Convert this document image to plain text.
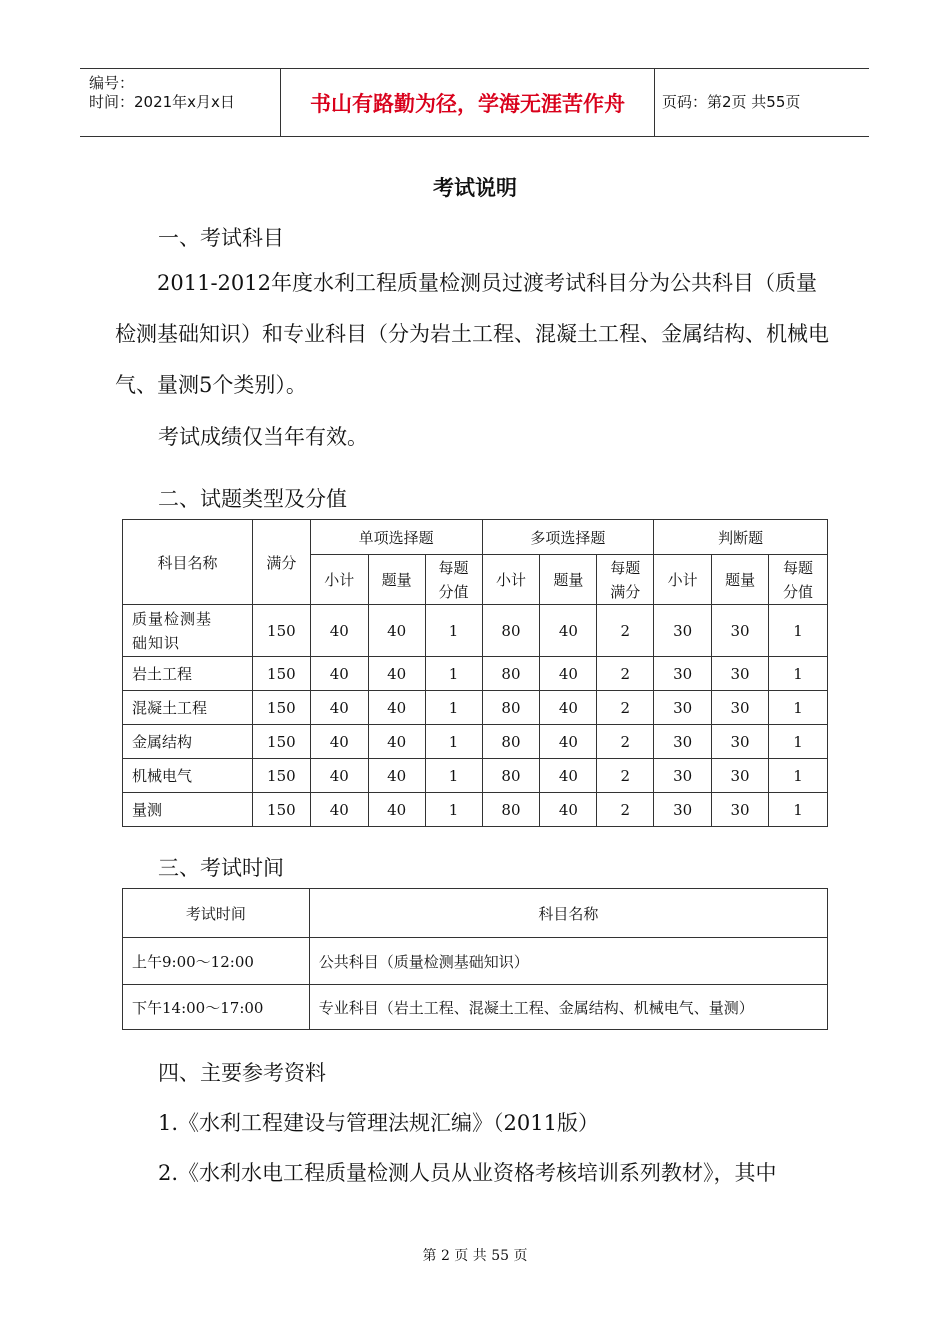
编号：
时间：2021年x月x日	书山有路勤为径，学海无涯苦作舟	页码：第2页 共55页
考试说明
一、考试科目

2011-2012年度水利工程质量检测员过渡考试科目分为公共科目（质量检测基础知识）和专业科目（分为岩土工程、混凝土工程、金属结构、机械电气、量测5个类别）。

考试成绩仅当年有效。
二、试题类型及分值
科目名称	满分	单项选择题			多项选择题			判断题		
		小计	题量	每题分值	小计	题量	每题满分	小计	题量	每题分值

质量检测基础知识	150	40	40	1	80	40	2	30	30	1
岩土工程	150	40	40	1	80	40	2	30	30	1
混凝土工程	150	40	40	1	80	40	2	30	30	1
金属结构	150	40	40	1	80	40	2	30	30	1
机械电气	150	40	40	1	80	40	2	30	30	1
量测	150	40	40	1	80	40	2	30	30	1
三、考试时间
考试时间	科目名称
上午9:00～12:00	公共科目（质量检测基础知识）
下午14:00～17:00	专业科目（岩土工程、混凝土工程、金属结构、机械电气、量测）
四、主要参考资料
1.《水利工程建设与管理法规汇编》（2011版）
2.《水利水电工程质量检测人员从业资格考核培训系列教材》，其中
第 2 页 共 55 页
